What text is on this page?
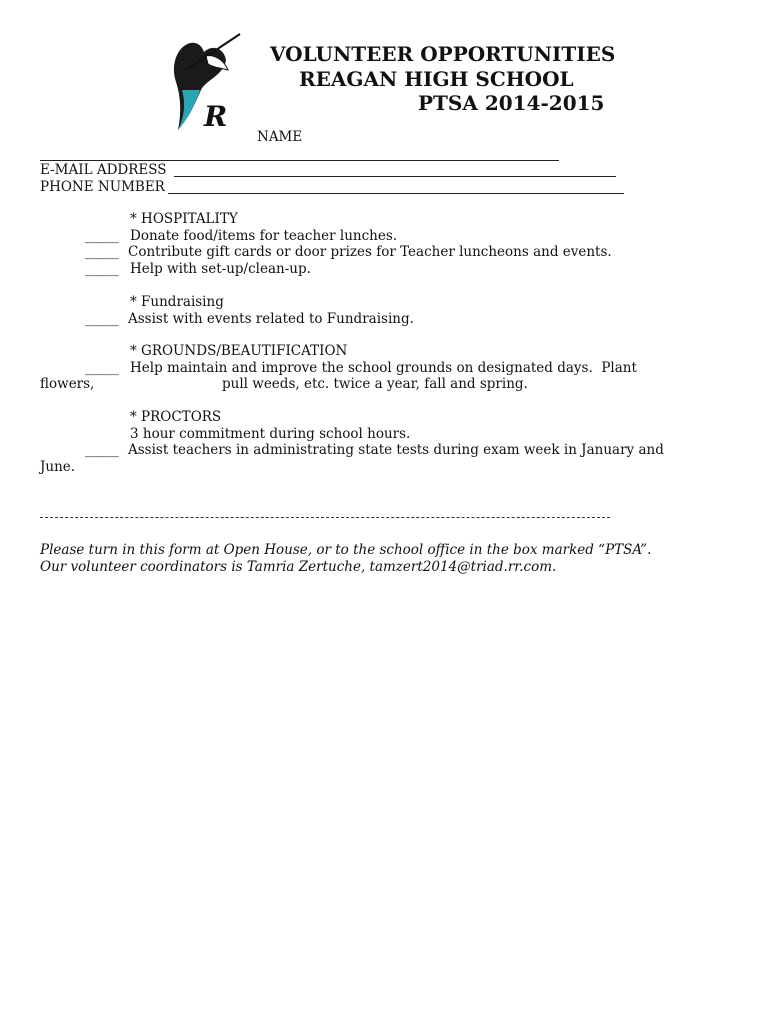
R
VOLUNTEER OPPORTUNITIES
REAGAN HIGH SCHOOL
PTSA 2014-2015
NAME
E-MAIL ADDRESS
PHONE NUMBER
* HOSPITALITY
_____ Donate food/items for teacher lunches.
_____ Contribute gift cards or door prizes for Teacher luncheons and events.
_____ Help with set-up/clean-up.
* Fundraising
_____ Assist with events related to Fundraising.
* GROUNDS/BEAUTIFICATION
_____ Help maintain and improve the school grounds on designated days.  Plant
flowers,	pull weeds, etc. twice a year, fall and spring.
* PROCTORS
3 hour commitment during school hours.
_____ Assist teachers in administrating state tests during exam week in January and
June.
Please turn in this form at Open House, or to the school office in the box marked “PTSA”.
Our volunteer coordinators is Tamria Zertuche, tamzert2014@triad.rr.com.
